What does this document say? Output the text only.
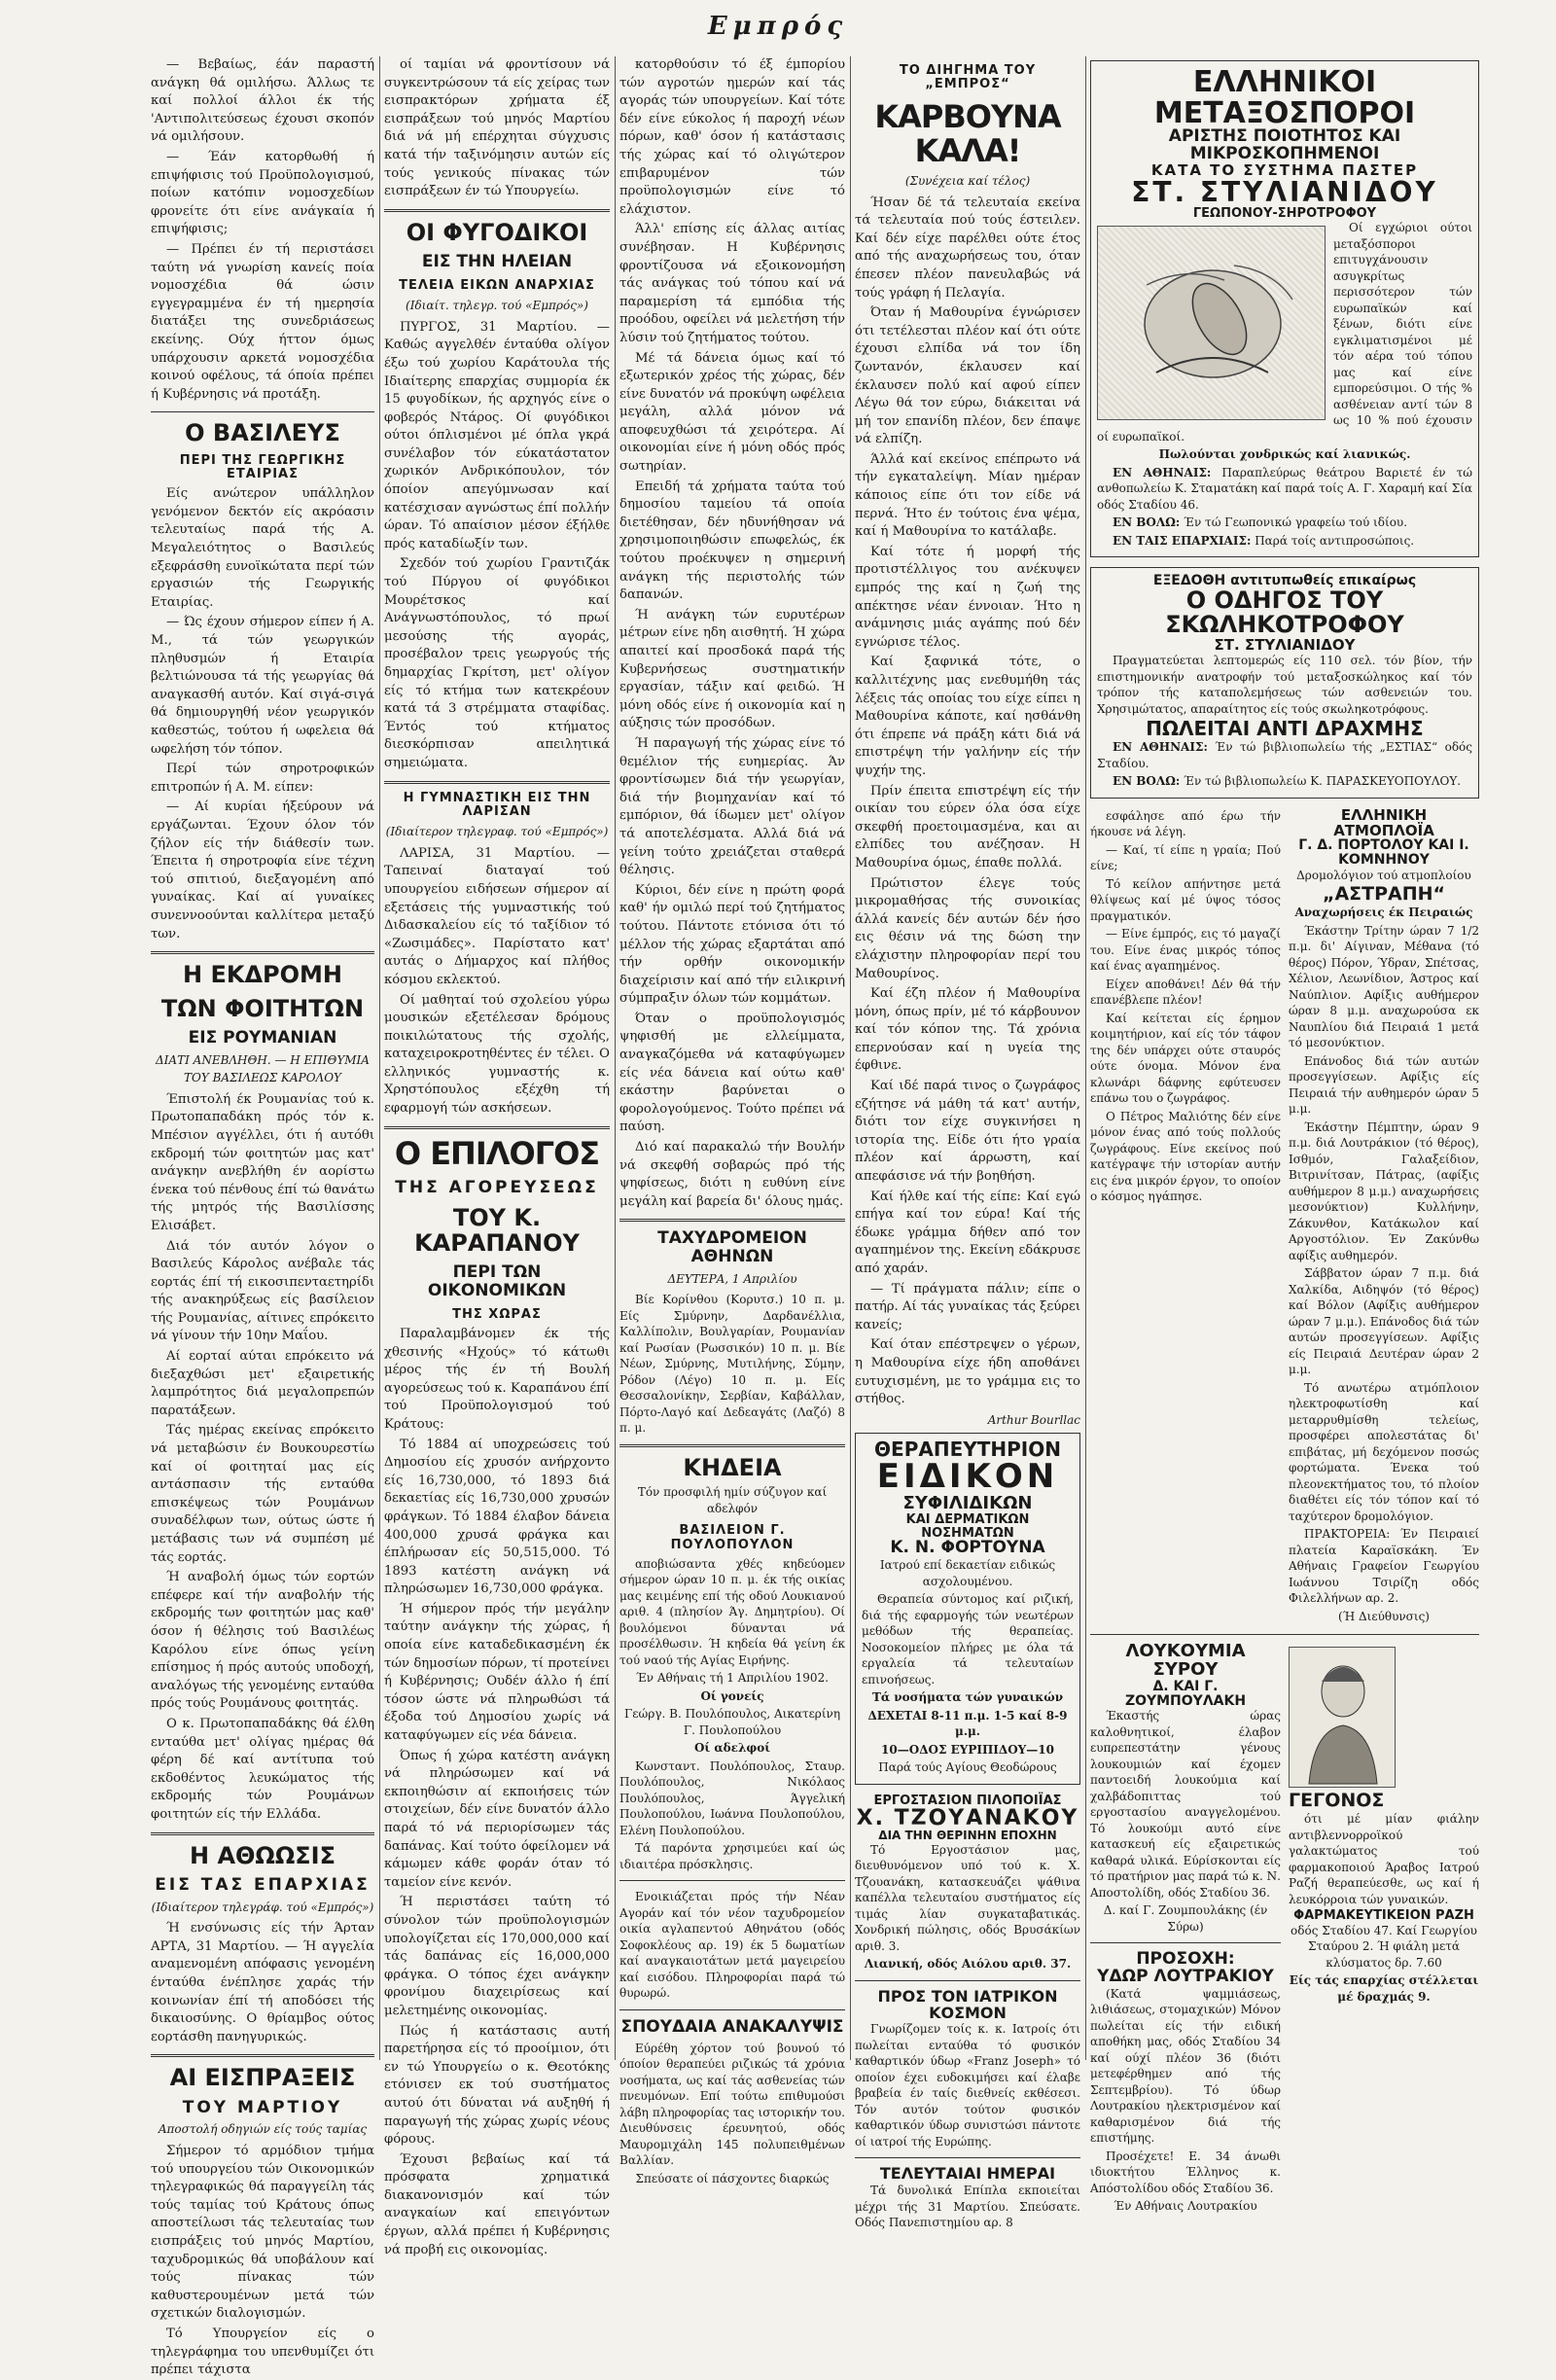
Εμπρός

— Βεβαίως, έάν παραστή ανάγκη θά ομιλήσω. Άλλως τε καί πολλοί άλλοι έκ τής 'Αντιπολιτεύσεως έχουσι σκοπόν νά ομιλήσουν.

— Έάν κατορθωθή ή επιψήφισις τού Προϋπολογισμού, ποίων κατόπιν νομοσχεδίων φρονείτε ότι είνε ανάγκαία ή επιψήφισις;

— Πρέπει έν τή περιστάσει ταύτη νά γνωρίση κανείς ποία νομοσχέδια θά ώσιν εγγεγραμμένα έν τή ημερησία διατάξει της συνεδριάσεως εκείνης. Ούχ ήττον όμως υπάρχουσιν αρκετά νομοσχέδια κοινού οφέλους, τά όποία πρέπει ή Κυβέρνησις νά προτάξη.

Ο ΒΑΣΙΛΕΥΣ
ΠΕΡΙ ΤΗΣ ΓΕΩΡΓΙΚΗΣ ΕΤΑΙΡΙΑΣ

Είς ανώτερον υπάλληλον γενόμενον δεκτόν είς ακρόασιν τελευταίως παρά τής Α. Μεγαλειότητος ο Βασιλεύς εξεφράσθη ευνοϊκώτατα περί τών εργασιών τής Γεωργικής Εταιρίας.

— Ώς έχουν σήμερον είπεν ή Α. Μ., τά τών γεωργικών πληθυσμών ή Εταιρία βελτιώνουσα τά τής γεωργίας θά αναγκασθή αυτόν. Καί σιγά-σιγά θά δημιουργηθή νέον γεωργικόν καθεστώς, τούτου ή ωφελεια θά ωφελήση τόν τόπον.

Περί τών σηροτροφικών επιτροπών ή Α. Μ. είπεν:

— Αί κυρίαι ήξεύρουν νά εργάζωνται. Έχουν όλον τόν ζήλον είς τήν διάθεσίν των. Έπειτα ή σηροτροφία είνε τέχνη τού σπιτιού, διεξαγομένη από γυναίκας. Καί αί γυναίκες συνεννοούνται καλλίτερα μεταξύ των.

Η ΕΚΔΡΟΜΗ
ΤΩΝ ΦΟΙΤΗΤΩΝ
ΕΙΣ ΡΟΥΜΑΝΙΑΝ
ΔΙΑΤΙ ΑΝΕΒΛΗΘΗ. — Η ΕΠΙΘΥΜΙΑ ΤΟΥ ΒΑΣΙΛΕΩΣ ΚΑΡΟΛΟΥ

Έπιστολή έκ Ρουμανίας τού κ. Πρωτοπαπαδάκη πρός τόν κ. Μπέσιον αγγέλλει, ότι ή αυτόθι εκδρομή τών φοιτητών μας κατ' ανάγκην ανεβλήθη έν αορίστω ένεκα τού πένθους έπί τώ θανάτω τής μητρός τής Βασιλίσσης Ελισάβετ.

Διά τόν αυτόν λόγον ο Βασιλεύς Κάρολος ανέβαλε τάς εορτάς έπί τή εικοσιπενταετηρίδι τής ανακηρύξεως είς βασίλειον τής Ρουμανίας, αίτινες επρόκειτο νά γίνουν τήν 10ην Μαΐου.

Αί εορταί αύται επρόκειτο νά διεξαχθώσι μετ' εξαιρετικής λαμπρότητος διά μεγαλοπρεπών παρατάξεων.

Τάς ημέρας εκείνας επρόκειτο νά μεταβώσιν έν Βουκουρεστίω καί οί φοιτηταί μας είς αντάσπασιν τής ενταύθα επισκέψεως τών Ρουμάνων συναδέλφων των, ούτως ώστε ή μετάβασις των νά συμπέση μέ τάς εορτάς.

Ή αναβολή όμως τών εορτών επέφερε καί τήν αναβολήν τής εκδρομής των φοιτητών μας καθ' όσον ή θέλησις τού Βασιλέως Καρόλου είνε όπως γείνη επίσημος ή πρός αυτούς υποδοχή, αναλόγως τής γενομένης ενταύθα πρός τούς Ρουμάνους φοιτητάς.

Ο κ. Πρωτοπαπαδάκης θά έλθη ενταύθα μετ' ολίγας ημέρας θά φέρη δέ καί αντίτυπα τού εκδοθέντος λευκώματος τής εκδρομής τών Ρουμάνων φοιτητών είς τήν Ελλάδα.

Η ΑΘΩΩΣΙΣ
ΕΙΣ ΤΑΣ ΕΠΑΡΧΙΑΣ
(Ιδιαίτερον τηλεγράφ. τού «Εμπρός»)

Ή ενσύνωσις είς τήν Άρταν ΑΡΤΑ, 31 Μαρτίου. — Ή αγγελία αναμενομένη απόφασις γενομένη ένταύθα ένέπλησε χαράς τήν κοινωνίαν έπί τή αποδόσει τής δικαιοσύνης. Ο θρίαμβος ούτος εορτάσθη πανηγυρικώς.

ΑΙ ΕΙΣΠΡΑΞΕΙΣ
ΤΟΥ ΜΑΡΤΙΟΥ
Αποστολή οδηγιών είς τούς ταμίας

Σήμερον τό αρμόδιον τμήμα τού υπουργείου τών Οικονομικών τηλεγραφικώς θά παραγγείλη τάς τούς ταμίας τού Κράτους όπως αποστείλωσι τάς τελευταίας των εισπράξεις τού μηνός Μαρτίου, ταχυδρομικώς θά υποβάλουν καί τούς πίνακας τών καθυστερουμένων μετά τών σχετικών διαλογισμών.

Τό Υπουργείον είς ο τηλεγράφημα του υπενθυμίζει ότι πρέπει τάχιστα

οί ταμίαι νά φροντίσουν νά συγκεντρώσουν τά είς χείρας των εισπρακτόρων χρήματα έξ εισπράξεων τού μηνός Μαρτίου διά νά μή επέρχηται σύγχυσις κατά τήν ταξινόμησιν αυτών είς τούς γενικούς πίνακας τών εισπράξεων έν τώ Υπουργείω.

ΟΙ ΦΥΓΟΔΙΚΟΙ
ΕΙΣ ΤΗΝ ΗΛΕΙΑΝ
ΤΕΛΕΙΑ ΕΙΚΩΝ ΑΝΑΡΧΙΑΣ
(Ιδιαίτ. τηλεγρ. τού «Εμπρός»)

ΠΥΡΓΟΣ, 31 Μαρτίου. — Καθώς αγγελθέν ένταύθα ολίγον έξω τού χωρίου Καράτουλα τής Ιδιαίτερης επαρχίας συμμορία έκ 15 φυγοδίκων, ής αρχηγός είνε ο φοβερός Ντάρος. Οί φυγόδικοι ούτοι όπλισμένοι μέ όπλα γκρά συνέλαβον τόν εύκατάστατον χωρικόν Ανδρικόπουλον, τόν όποίον απεγύμνωσαν καί κατέσχισαν αγνώστως έπί πολλήν ώραν. Τό απαίσιον μέσον έξήλθε πρός καταδίωξίν των.

Σχεδόν τού χωρίου Γραντιζάκ τού Πύργου οί φυγόδικοι Μουρέτσκος καί Ανάγνωστόπουλος, τό πρωί μεσούσης τής αγοράς, προσέβαλον τρεις γεωργούς τής δημαρχίας Γκρίτση, μετ' ολίγον είς τό κτήμα των κατεκρέουν κατά τά 3 στρέμματα σταφίδας. Έντός τού κτήματος διεσκόρπισαν απειλητικά σημειώματα.

Η ΓΥΜΝΑΣΤΙΚΗ ΕΙΣ ΤΗΝ ΛΑΡΙΣΑΝ
(Ιδιαίτερον τηλεγραφ. τού «Εμπρός»)

ΛΑΡΙΣΑ, 31 Μαρτίου. — Ταπειναί διαταγαί τού υπουργείου ειδήσεων σήμερον αί εξετάσεις τής γυμναστικής τού Διδασκαλείου είς τό ταξίδιον τό «Ζωσιμάδες». Παρίστατο κατ' αυτάς ο Δήμαρχος καί πλήθος κόσμου εκλεκτού.

Οί μαθηταί τού σχολείου γύρω μουσικών εξετέλεσαν δρόμους ποικιλώτατους τής σχολής, καταχειροκροτηθέντες έν τέλει. Ο ελληνικός γυμναστής κ. Χρηστόπουλος εξέχθη τή εφαρμογή τών ασκήσεων.

Ο ΕΠΙΛΟΓΟΣ
ΤΗΣ ΑΓΟΡΕΥΣΕΩΣ
ΤΟΥ Κ. ΚΑΡΑΠΑΝΟΥ
ΠΕΡΙ ΤΩΝ ΟΙΚΟΝΟΜΙΚΩΝ
ΤΗΣ ΧΩΡΑΣ

Παραλαμβάνομεν έκ τής χθεσινής «Ηχούς» τό κάτωθι μέρος τής έν τή Βουλή αγορεύσεως τού κ. Καραπάνου έπί τού Προϋπολογισμού τού Κράτους:

Τό 1884 αί υποχρεώσεις τού Δημοσίου είς χρυσόν ανήρχοντο είς 16,730,000, τό 1893 διά δεκαετίας είς 16,730,000 χρυσών φράγκων. Τό 1884 έλαβον δάνεια 400,000 χρυσά φράγκα και έπλήρωσαν είς 50,515,000. Τό 1893 κατέστη ανάγκη νά πληρώσωμεν 16,730,000 φράγκα.

Ή σήμερον πρός τήν μεγάλην ταύτην ανάγκην τής χώρας, ή οποία είνε καταδεδικασμένη έκ τών δημοσίων πόρων, τί προτείνει ή Κυβέρνησις; Ουδέν άλλο ή έπί τόσον ώστε νά πληρωθώσι τά έξοδα τού Δημοσίου χωρίς νά καταφύγωμεν είς νέα δάνεια.

Όπως ή χώρα κατέστη ανάγκη νά πληρώσωμεν καί νά εκποιηθώσιν αί εκποιήσεις τών στοιχείων, δέν είνε δυνατόν άλλο παρά τό νά περιορίσωμεν τάς δαπάνας. Καί τούτο όφείλομεν νά κάμωμεν κάθε φοράν όταν τό ταμείον είνε κενόν.

Ή περιστάσει ταύτη τό σύνολον τών προϋπολογισμών υπολογίζεται είς 170,000,000 καί τάς δαπάνας είς 16,000,000 φράγκα. Ο τόπος έχει ανάγκην φρονίμου διαχειρίσεως καί μελετημένης οικονομίας.

Πώς ή κατάστασις αυτή παρετήρησα είς τό προοίμιον, ότι εν τώ Υπουργείω ο κ. Θεοτόκης ετόνισεν εκ τού συστήματος αυτού ότι δύναται νά αυξηθή ή παραγωγή τής χώρας χωρίς νέους φόρους.

Έχουσι βεβαίως καί τά πρόσφατα χρηματικά διακανονισμόν καί τών αναγκαίων καί επειγόντων έργων, αλλά πρέπει ή Κυβέρνησις νά προβή εις οικονομίας.

κατορθούσιν τό έξ έμπορίου τών αγροτών ημερών καί τάς αγοράς τών υπουργείων. Καί τότε δέν είνε εύκολος ή παροχή νέων πόρων, καθ' όσον ή κατάστασις τής χώρας καί τό ολιγώτερον επιβαρυμένον τών προϋπολογισμών είνε τό ελάχιστον.

Άλλ' επίσης είς άλλας αιτίας συνέβησαν. Η Κυβέρνησις φροντίζουσα νά εξοικονομήση τάς ανάγκας τού τόπου καί νά παραμερίση τά εμπόδια τής προόδου, οφείλει νά μελετήση τήν λύσιν τού ζητήματος τούτου.

Μέ τά δάνεια όμως καί τό εξωτερικόν χρέος τής χώρας, δέν είνε δυνατόν νά προκύψη ωφέλεια μεγάλη, αλλά μόνον νά αποφευχθώσι τά χειρότερα. Αί οικονομίαι είνε ή μόνη οδός πρός σωτηρίαν.

Επειδή τά χρήματα ταύτα τού δημοσίου ταμείου τά οποία διετέθησαν, δέν ηδυνήθησαν νά χρησιμοποιηθώσιν επωφελώς, έκ τούτου προέκυψεν η σημερινή ανάγκη τής περιστολής τών δαπανών.

Ή ανάγκη τών ευρυτέρων μέτρων είνε ηδη αισθητή. Ή χώρα απαιτεί καί προσδοκά παρά τής Κυβερνήσεως συστηματικήν εργασίαν, τάξιν καί φειδώ. Ή μόνη οδός είνε ή οικονομία καί η αύξησις τών προσόδων.

Ή παραγωγή τής χώρας είνε τό θεμέλιον τής ευημερίας. Άν φροντίσωμεν διά τήν γεωργίαν, διά τήν βιομηχανίαν καί τό εμπόριον, θά ίδωμεν μετ' ολίγον τά αποτελέσματα. Αλλά διά νά γείνη τούτο χρειάζεται σταθερά θέλησις.

Κύριοι, δέν είνε η πρώτη φορά καθ' ήν ομιλώ περί τού ζητήματος τούτου. Πάντοτε ετόνισα ότι τό μέλλον τής χώρας εξαρτάται από τήν ορθήν οικονομικήν διαχείρισιν καί από τήν ειλικρινή σύμπραξιν όλων τών κομμάτων.

Όταν ο προϋπολογισμός ψηφισθή με ελλείμματα, αναγκαζόμεθα νά καταφύγωμεν είς νέα δάνεια καί ούτω καθ' εκάστην βαρύνεται ο φορολογούμενος. Τούτο πρέπει νά παύση.

Διό καί παρακαλώ τήν Βουλήν νά σκεφθή σοβαρώς πρό τής ψηφίσεως, διότι η ευθύνη είνε μεγάλη καί βαρεία δι' όλους ημάς.

ΤΑΧΥΔΡΟΜΕΙΟΝ ΑΘΗΝΩΝ
ΔΕΥΤΕΡΑ, 1 Απριλίου

Βίε Κορίνθου (Κορυτσ.) 10 π. μ. Είς Σμύρνην, Δαρδανέλλια, Καλλίπολιν, Βουλγαρίαν, Ρουμανίαν καί Ρωσίαν (Ρωσσικόν) 10 π. μ. Βίε Νέων, Σμύρνης, Μυτιλήνης, Σύμην, Ρόδον (Λέγο) 10 π. μ. Είς Θεσσαλονίκην, Σερβίαν, Καβάλλαν, Πόρτο-Λαγό καί Δεδεαγάτς (Λαζό) 8 π. μ.

ΚΗΔΕΙΑ

Τόν προσφιλή ημίν σύζυγον καί αδελφόν

ΒΑΣΙΛΕΙΟΝ Γ. ΠΟΥΛΟΠΟΥΛΟΝ

αποβιώσαντα χθές κηδεύομεν σήμερον ώραν 10 π. μ. έκ τής οικίας μας κειμένης επί τής οδού Λουκιανού αριθ. 4 (πλησίον Άγ. Δημητρίου). Οί βουλόμενοι δύνανται νά προσέλθωσιν. Ή κηδεία θά γείνη έκ τού ναού τής Αγίας Ειρήνης.

Έν Αθήναις τή 1 Απριλίου 1902.

Οί γονείς

Γεώργ. Β. Πουλόπουλος, Αικατερίνη Γ. Πουλοπούλου

Οί αδελφοί

Κωνσταντ. Πουλόπουλος, Σταυρ. Πουλόπουλος, Νικόλαος Πουλόπουλος, Άγγελική Πουλοπούλου, Ιωάννα Πουλοπούλου, Ελένη Πουλοπούλου.

Τά παρόντα χρησιμεύει καί ώς ιδιαιτέρα πρόσκλησις.

Ενοικιάζεται πρός τήν Νέαν Αγοράν καί τόν νέον ταχυδρομείον οικία αγλαπεντού Αθηνάτου (οδός Σοφοκλέους αρ. 19) έκ 5 δωματίων καί αναγκαιοτάτων μετά μαγειρείου καί εισόδου. Πληροφορίαι παρά τώ θυρωρώ.

ΣΠΟΥΔΑΙΑ ΑΝΑΚΑΛΥΨΙΣ

Εύρέθη χόρτον τού βουνού τό όποίον θεραπεύει ριζικώς τά χρόνια νοσήματα, ως καί τάς ασθενείας τών πνευμόνων. Επί τούτω επιθυμούσι λάβη πληροφορίας τας ιστορικήν του. Διευθύνσεις έρευνητού, οδός Μαυρομιχάλη 145 πολυπειθμένων Βαλλίαν.

Σπεύσατε οί πάσχοντες διαρκώς

ΤΟ ΔΙΗΓΗΜΑ ΤΟΥ „ΕΜΠΡΟΣ“
ΚΑΡΒΟΥΝΑ ΚΑΛΑ!
(Συνέχεια καί τέλος)

Ήσαν δέ τά τελευταία εκείνα τά τελευταία πού τούς έστειλεν. Καί δέν είχε παρέλθει ούτε έτος από τής αναχωρήσεως του, όταν έπεσεν πλέον πανευλαβώς νά τούς γράφη ή Πελαγία.

Όταν ή Μαθουρίνα έγνώρισεν ότι τετέλεσται πλέον καί ότι ούτε έχουσι ελπίδα νά τον ίδη ζωντανόν, έκλαυσεν καί έκλαυσεν πολύ καί αφού είπεν Λέγω θά τον εύρω, διάκειται νά μή τον επανίδη πλέον, δεν έπαψε νά ελπίζη.

Άλλά καί εκείνος επέπρωτο νά τήν εγκαταλείψη. Μίαν ημέραν κάποιος είπε ότι τον είδε νά περνά. Ήτο έν τούτοις ένα ψέμα, καί ή Μαθουρίνα το κατάλαβε.

Καί τότε ή μορφή τής προτιστέλλιγος του ανέκυψεν εμπρός της καί η ζωή της απέκτησε νέαν έννοιαν. Ήτο η ανάμνησις μιάς αγάπης πού δέν εγνώρισε τέλος.

Καί ξαφνικά τότε, ο καλλιτέχνης μας ενεθυμήθη τάς λέξεις τάς οποίας του είχε είπει η Μαθουρίνα κάποτε, καί ησθάνθη ότι έπρεπε νά πράξη κάτι διά νά επιστρέψη τήν γαλήνην είς τήν ψυχήν της.

Πρίν έπειτα επιστρέψη είς τήν οικίαν του εύρεν όλα όσα είχε σκεφθή προετοιμασμένα, και αι ελπίδες του ανέζησαν. Η Μαθουρίνα όμως, έπαθε πολλά.

Πρώτιστον έλεγε τούς μικρομαθήσας τής συνοικίας άλλά κανείς δέν αυτών δέν ήσο εις θέσιν νά της δώση την ελάχιστην πληροφορίαν περί του Μαθουρίνος.

Καί έζη πλέον ή Μαθουρίνα μόνη, όπως πρίν, μέ τό κάρβουνον καί τόν κόπον της. Τά χρόνια επερνούσαν καί η υγεία της έφθινε.

Καί ιδέ παρά τινος ο ζωγράφος εζήτησε νά μάθη τά κατ' αυτήν, διότι τον είχε συγκινήσει η ιστορία της. Είδε ότι ήτο γραία πλέον καί άρρωστη, καί απεφάσισε νά τήν βοηθήση.

Καί ήλθε καί τής είπε: Καί εγώ επήγα καί τον εύρα! Καί τής έδωκε γράμμα δήθεν από τον αγαπημένον της. Εκείνη εδάκρυσε από χαράν.

— Τί πράγματα πάλιν; είπε ο πατήρ. Αί τάς γυναίκας τάς ξεύρει κανείς;

Καί όταν επέστρεψεν ο γέρων, η Μαθουρίνα είχε ήδη αποθάνει ευτυχισμένη, με το γράμμα εις το στήθος.

Arthur Bourllac

ΘΕΡΑΠΕΥΤΗΡΙΟΝ
ΕΙΔΙΚΟΝ
ΣΥΦΙΛΙΔΙΚΩΝ
ΚΑΙ ΔΕΡΜΑΤΙΚΩΝ ΝΟΣΗΜΑΤΩΝ
Κ. Ν. ΦΟΡΤΟΥΝΑ

Ιατρού επί δεκαετίαν ειδικώς ασχολουμένου.

Θεραπεία σύντομος καί ριζική, διά τής εφαρμογής τών νεωτέρων μεθόδων τής θεραπείας. Νοσοκομείον πλήρες με όλα τά εργαλεία τά τελευταίων επινοήσεως.

Τά νοσήματα τών γυναικών

ΔΕΧΕΤΑΙ 8-11 π.μ. 1-5 καί 8-9 μ.μ.

10—ΟΔΟΣ ΕΥΡΙΠΙΔΟΥ—10

Παρά τούς Αγίους Θεοδώρους

ΕΡΓΟΣΤΑΣΙΟΝ ΠΙΛΟΠΟΙΪΑΣ
Χ. ΤΖΟΥΑΝΑΚΟΥ
ΔΙΑ ΤΗΝ ΘΕΡΙΝΗΝ ΕΠΟΧΗΝ

Τό Εργοστάσιον μας, διευθυνόμενον υπό τού κ. Χ. Τζουανάκη, κατασκευάζει ψάθινα καπέλλα τελευταίου συστήματος είς τιμάς λίαν συγκαταβατικάς. Χονδρική πώλησις, οδός Βρυσάκίων αριθ. 3.

Λιανική, οδός Αιόλου αριθ. 37.

ΠΡΟΣ ΤΟΝ ΙΑΤΡΙΚΟΝ ΚΟΣΜΟΝ

Γνωρίζομεν τοίς κ. κ. Ιατροίς ότι πωλείται ενταύθα τό φυσικόν καθαρτικόν ύδωρ «Franz Joseph» τό οποίον έχει ευδοκιμήσει καί έλαβε βραβεία έν ταίς διεθνείς εκθέσεσι. Τόν αυτόν τούτον φυσικόν καθαρτικόν ύδωρ συνιστώσι πάντοτε οί ιατροί τής Ευρώπης.

ΤΕΛΕΥΤΑΙΑΙ ΗΜΕΡΑΙ

Τά δυνολικά Επίπλα εκποιείται μέχρι τής 31 Μαρτίου. Σπεύσατε. Οδός Πανεπιστημίου αρ. 8

ΕΛΛΗΝΙΚΟΙ ΜΕΤΑΞΟΣΠΟΡΟΙ
ΑΡΙΣΤΗΣ ΠΟΙΟΤΗΤΟΣ ΚΑΙ ΜΙΚΡΟΣΚΟΠΗΜΕΝΟΙ
ΚΑΤΑ ΤΟ ΣΥΣΤΗΜΑ ΠΑΣΤΕΡ
ΣΤ. ΣΤΥΛΙΑΝΙΔΟΥ
ΓΕΩΠΟΝΟΥ-ΣΗΡΟΤΡΟΦΟΥ

Οί εγχώριοι ούτοι μεταξόσποροι επιτυγχάνουσιν ασυγκρίτως περισσότερον τών ευρωπαϊκών καί ξένων, διότι είνε εγκλιματισμένοι μέ τόν αέρα τού τόπου μας καί είνε εμπορεύσιμοι. Ο τής % ασθένειαν αντί τών 8 ως 10 % πού έχουσιν οί ευρωπαϊκοί.

Πωλούνται χονδρικώς καί λιανικώς.

ΕΝ ΑΘΗΝΑΙΣ: Παραπλεύρως θεάτρου Βαριετέ έν τώ ανθοπωλείω Κ. Σταματάκη καί παρά τοίς Α. Γ. Χαραμή καί Σία οδός Σταδίου 46.

ΕΝ ΒΟΛΩ: Έν τώ Γεωπονικώ γραφείω τού ιδίου.

ΕΝ ΤΑΙΣ ΕΠΑΡΧΙΑΙΣ: Παρά τοίς αντιπροσώποις.

ΕΞΕΔΟΘΗ αντιτυπωθείς επικαίρως
Ο ΟΔΗΓΟΣ ΤΟΥ ΣΚΩΛΗΚΟΤΡΟΦΟΥ
ΣΤ. ΣΤΥΛΙΑΝΙΔΟΥ

Πραγματεύεται λεπτομερώς είς 110 σελ. τόν βίον, τήν επιστημονικήν ανατροφήν τού μεταξοσκώληκος καί τόν τρόπον τής καταπολεμήσεως τών ασθενειών του. Χρησιμώτατος, απαραίτητος είς τούς σκωληκοτρόφους.

ΠΩΛΕΙΤΑΙ ΑΝΤΙ ΔΡΑΧΜΗΣ

ΕΝ ΑΘΗΝΑΙΣ: Έν τώ βιβλιοπωλείω τής „ΕΣΤΙΑΣ“ οδός Σταδίου.

ΕΝ ΒΟΛΩ: Έν τώ βιβλιοπωλείω Κ. ΠΑΡΑΣΚΕΥΟΠΟΥΛΟΥ.

εσφάλησε από έρω τήν ήκουσε νά λέγη.

— Καί, τί είπε η γραία; Πού είνε;

Τό κείλον απήντησε μετά θλίψεως καί μέ ύψος τόσος πραγματικόν.

— Είνε έμπρός, εις τό μαγαζί του. Είνε ένας μικρός τόπος καί ένας αγαπημένος.

Είχεν αποθάνει! Δέν θά τήν επανέβλεπε πλέον!

Καί κείτεται είς έρημον κοιμητήριον, καί είς τόν τάφον της δέν υπάρχει ούτε σταυρός ούτε όνομα. Μόνον ένα κλωνάρι δάφνης εφύτευσεν επάνω του ο ζωγράφος.

Ο Πέτρος Μαλιότης δέν είνε μόνον ένας από τούς πολλούς ζωγράφους. Είνε εκείνος πού κατέγραψε τήν ιστορίαν αυτήν εις ένα μικρόν έργον, το οποίον ο κόσμος ηγάπησε.

ΕΛΛΗΝΙΚΗ ΑΤΜΟΠΛΟΪΑ
Γ. Δ. ΠΟΡΤΟΛΟΥ ΚΑΙ Ι. ΚΟΜΝΗΝΟΥ

Δρομολόγιον τού ατμοπλοίου

„ΑΣΤΡΑΠΗ“

Αναχωρήσεις έκ Πειραιώς

Έκάστην Τρίτην ώραν 7 1/2 π.μ. δι' Αίγιναν, Μέθανα (τό θέρος) Πόρον, Ύδραν, Σπέτσας, Χέλιον, Λεωνίδιον, Άστρος καί Ναύπλιον. Αφίξις αυθήμερον ώραν 8 μ.μ. αναχωρούσα εκ Ναυπλίου διά Πειραιά 1 μετά τό μεσονύκτιον.

Επάνοδος διά τών αυτών προσεγγίσεων. Αφίξις είς Πειραιά τήν αυθημερόν ώραν 5 μ.μ.

Έκάστην Πέμπτην, ώραν 9 π.μ. διά Λουτράκιον (τό θέρος), Ισθμόν, Γαλαξείδιον, Βιτρινίτσαν, Πάτρας, (αφίξις αυθήμερον 8 μ.μ.) αναχωρήσεις μεσονύκτιον) Κυλλήνην, Ζάκυνθον, Κατάκωλον καί Αργοστόλιον. Έν Ζακύνθω αφίξις αυθημερόν.

Σάββατον ώραν 7 π.μ. διά Χαλκίδα, Αιδηψόν (τό θέρος) καί Βόλον (Αφίξις αυθήμερον ώραν 7 μ.μ.). Επάνοδος διά τών αυτών προσεγγίσεων. Αφίξις είς Πειραιά Δευτέραν ώραν 2 μ.μ.

Τό ανωτέρω ατμόπλοιον ηλεκτροφωτίσθη καί μεταρρυθμίσθη τελείως, προσφέρει απολεστάτας δι' επιβάτας, μή δεχόμενον ποσώς φορτώματα. Ένεκα τού πλεονεκτήματος του, τό πλοίον διαθέτει είς τόν τόπον καί τό ταχύτερον δρομολόγιον.

ΠΡΑΚΤΟΡΕΙΑ: Έν Πειραιεί πλατεία Καραϊσκάκη. Έν Αθήναις Γραφείον Γεωργίου Ιωάννου Τσιρίζη οδός Φιλελλήνων αρ. 2.

(Ή Διεύθυνσις)

ΛΟΥΚΟΥΜΙΑ ΣΥΡΟΥ
Δ. ΚΑΙ Γ. ΖΟΥΜΠΟΥΛΑΚΗ

Έκαστής ώρας καλοθνητικοί, έλαβον ευπρεπεστάτην γένους λουκουμιών καί έχομεν παντοειδή λουκούμια καί χαλβάδοπιττας τού εργοστασίου αναγγελομένου. Τό λουκούμι αυτό είνε κατασκευή είς εξαιρετικώς καθαρά υλικά. Εύρίσκονται είς τό πρατήριον μας παρά τώ κ. Ν. Αποστολίδη, οδός Σταδίου 36.

Δ. καί Γ. Ζουμπουλάκης (έν Σύρω)

ΠΡΟΣΟΧΗ:
ΥΔΩΡ ΛΟΥΤΡΑΚΙΟΥ

(Κατά ψαμμιάσεως, λιθιάσεως, στομαχικών) Μόνον πωλείται είς τήν ειδική αποθήκη μας, οδός Σταδίου 34 καί ούχί πλέον 36 (διότι μετεφέρθημεν από τής Σεπτεμβρίου). Τό ύδωρ Λουτρακίου ηλεκτρισμένον καί καθαρισμένον διά τής επιστήμης.

Προσέχετε! Ε. 34 άνωθι ιδιοκτήτου Έλληνος κ. Απόστολίδου οδός Σταδίου 36.

Έν Αθήναις Λουτρακίου

ΓΕΓΟΝΟΣ

ότι μέ μίαν φιάλην αντιβλεννορροϊκού γαλακτώματος τού φαρμακοποιού Άραβος Ιατρού Ραζή θεραπεύεσθε, ως καί ή λευκόρροια τών γυναικών.

ΦΑΡΜΑΚΕΥΤΙΚΕΙΟΝ ΡΑΖΗ

οδός Σταδίου 47. Καί Γεωργίου Σταύρου 2. Ή φιάλη μετά κλύσματος δρ. 7.60

Είς τάς επαρχίας στέλλεται μέ δραχμάς 9.
